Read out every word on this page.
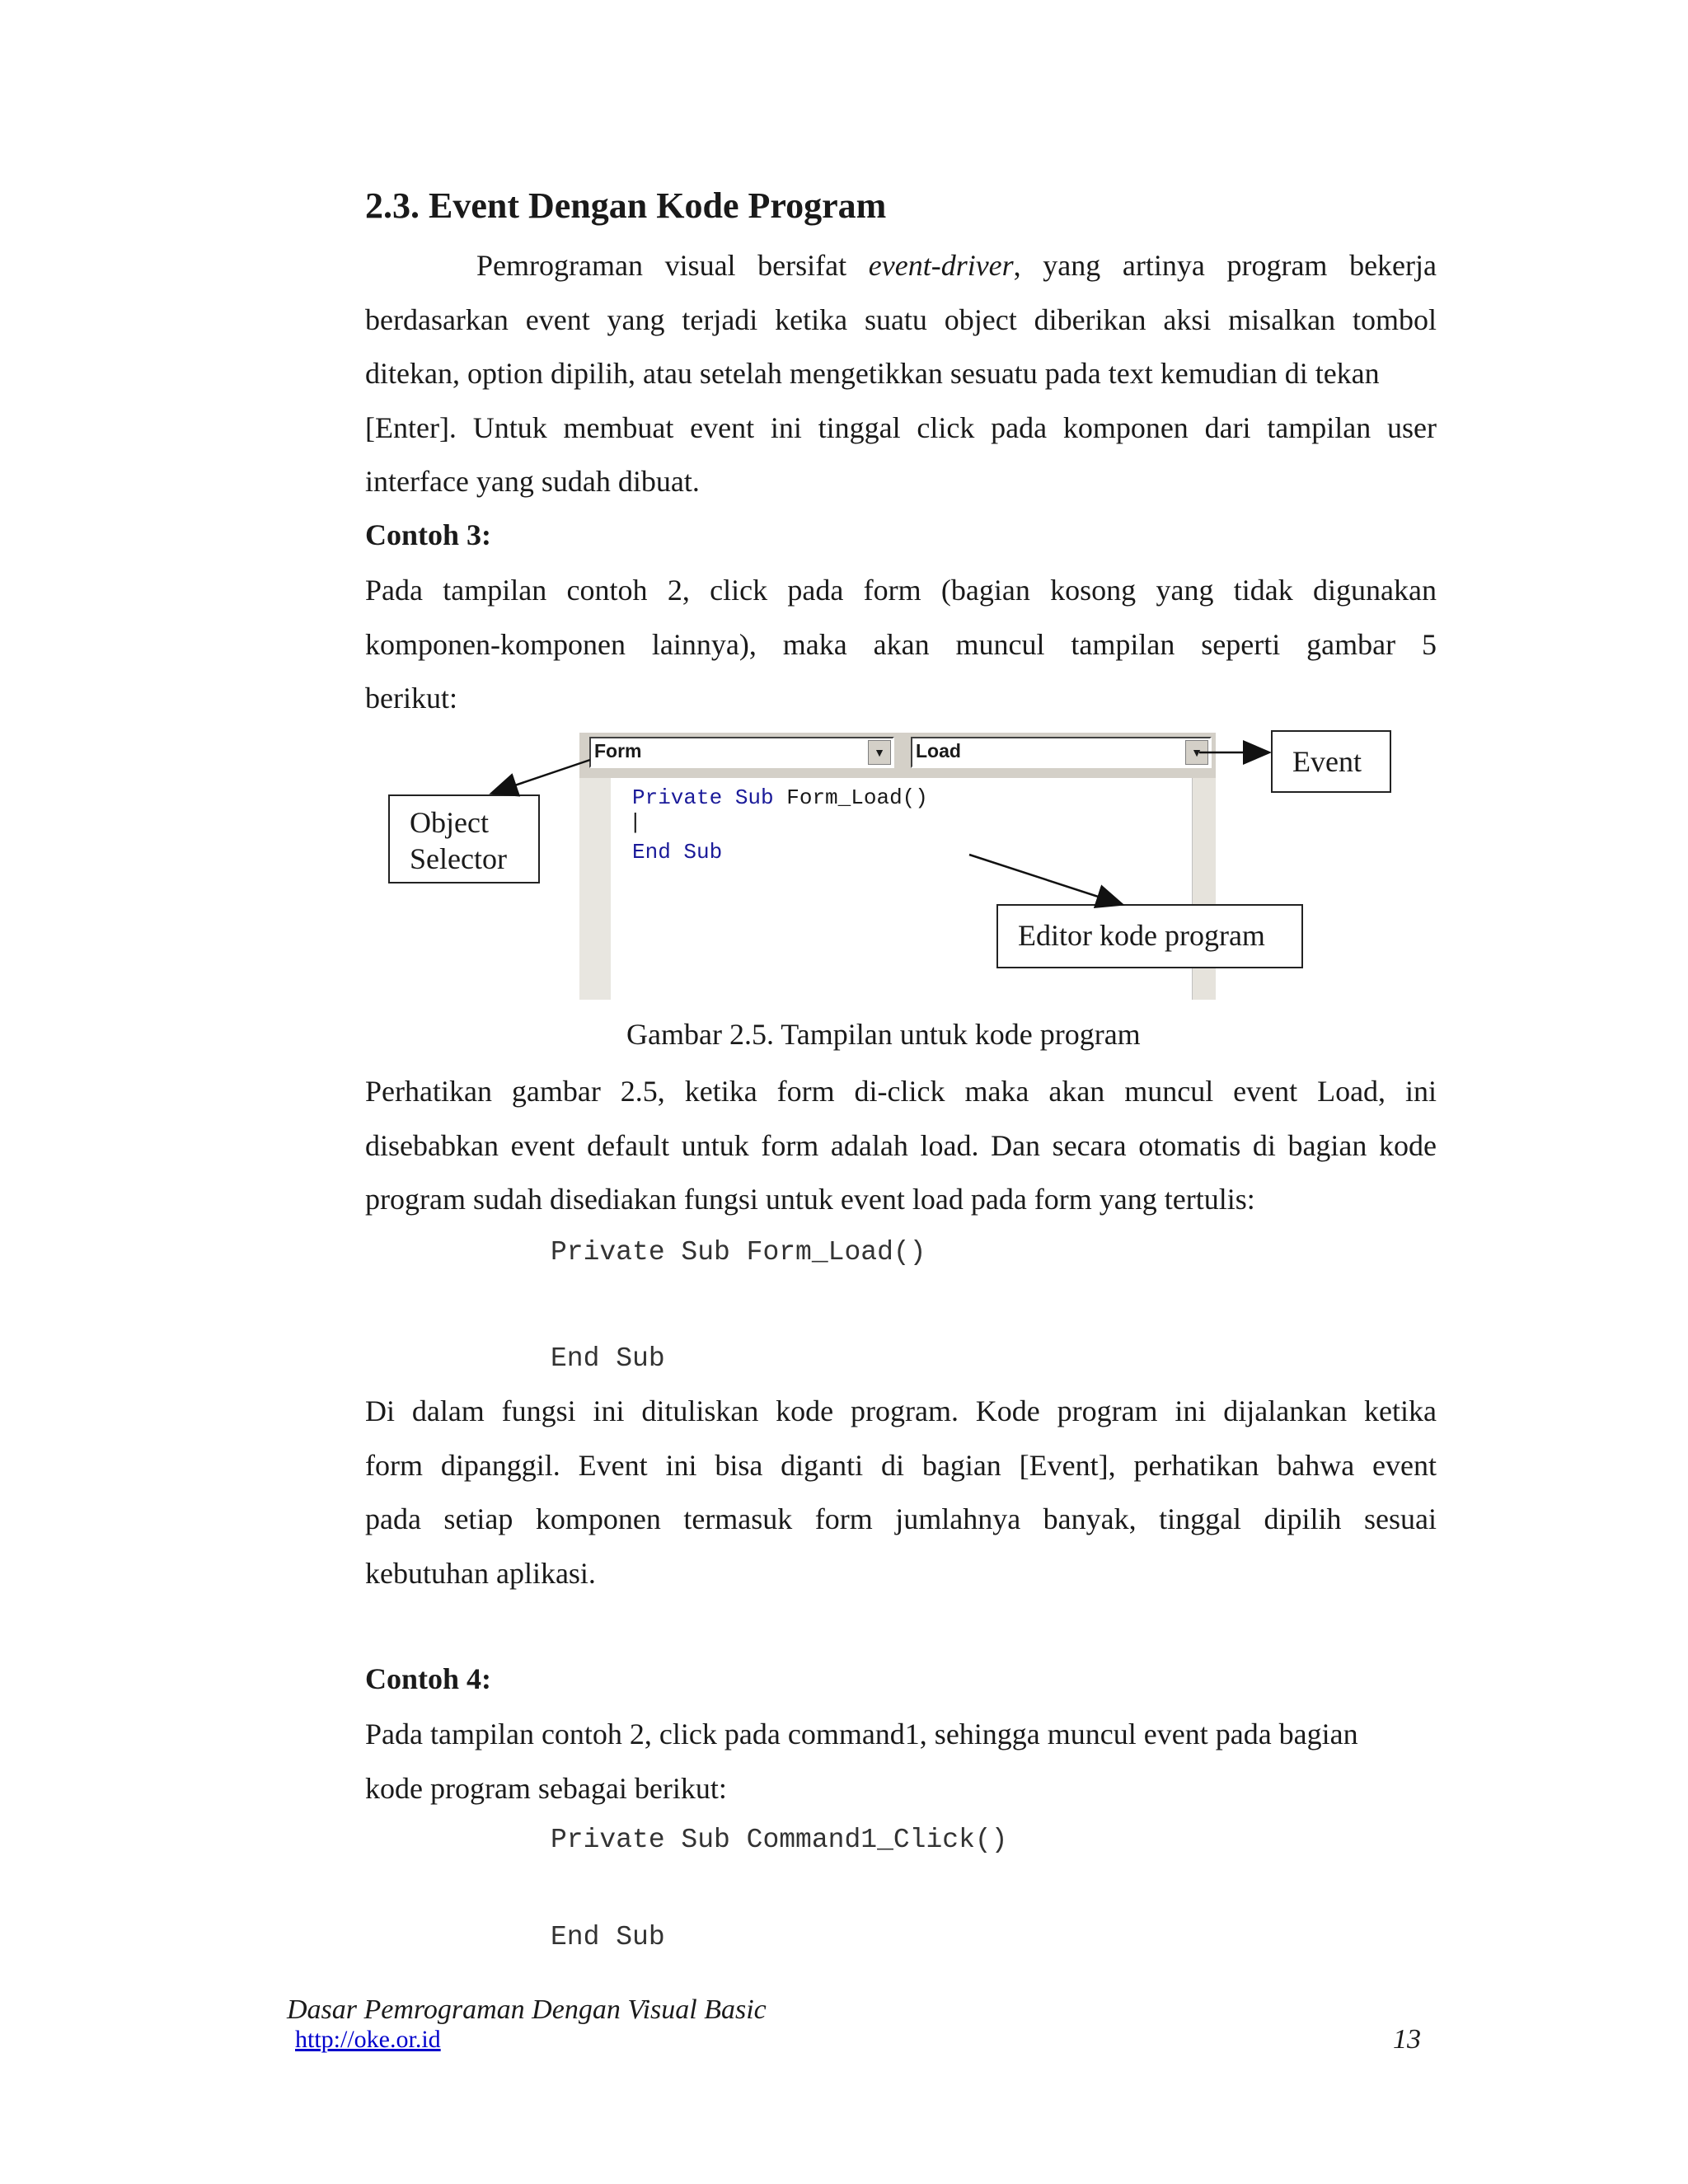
2.3. Event Dengan Kode Program
Pemrograman visual bersifat event-driver, yang artinya program bekerja
berdasarkan event yang terjadi ketika suatu object diberikan aksi misalkan tombol
ditekan, option dipilih, atau setelah mengetikkan sesuatu pada text kemudian di tekan
[Enter]. Untuk membuat event ini tinggal click pada komponen dari tampilan user
interface yang sudah dibuat.
Contoh 3:
Pada tampilan contoh 2, click pada form (bagian kosong yang tidak digunakan
komponen-komponen lainnya), maka akan muncul tampilan seperti gambar 5
berikut:
Form	▼	Load	▼
Private Sub Form_Load()
|
End Sub
Event
Object
Selector
Editor kode program
Gambar 2.5. Tampilan untuk kode program
Perhatikan gambar 2.5, ketika form di-click maka akan muncul event Load, ini
disebabkan event default untuk form adalah load. Dan secara otomatis di bagian kode
program sudah disediakan fungsi untuk event load pada form yang tertulis:
Private Sub Form_Load()
End Sub
Di dalam fungsi ini dituliskan kode program. Kode program ini dijalankan ketika
form dipanggil. Event ini bisa diganti di bagian [Event], perhatikan bahwa event
pada setiap komponen termasuk form jumlahnya banyak, tinggal dipilih sesuai
kebutuhan aplikasi.
Contoh 4:
Pada tampilan contoh 2, click pada command1, sehingga muncul event pada bagian
kode program sebagai berikut:
Private Sub Command1_Click()
End Sub
Dasar Pemrograman Dengan Visual Basic
http://oke.or.id	13
